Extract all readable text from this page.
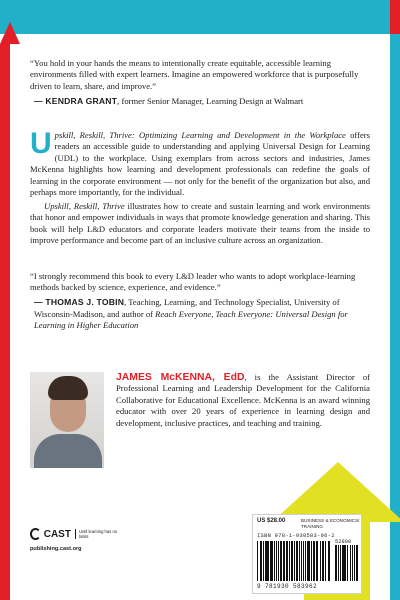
“You hold in your hands the means to intentionally create equitable, accessible learning environments filled with expert learners. Imagine an empowered workforce that is purposefully driven to learn, share, and improve.”

— KENDRA GRANT, former Senior Manager, Learning Design at Walmart

U pskill, Reskill, Thrive: Optimizing Learning and Development in the Workplace offers readers an accessible guide to understanding and applying Universal Design for Learning (UDL) to the workplace. Using exemplars from across sectors and industries, James McKenna highlights how learning and development professionals can redefine the goals of learning in the corporate environment — not only for the benefit of the organization but also, and perhaps more importantly, for the individual.

Upskill, Reskill, Thrive illustrates how to create and sustain learning and work environments that honor and empower individuals in ways that promote knowledge generation and sharing. This book will help L&D educators and corporate leaders motivate their teams from the inside to improve performance and become part of an inclusive culture across an organization.

“I strongly recommend this book to every L&D leader who wants to adopt workplace-learning methods backed by science, experience, and evidence.”

— THOMAS J. TOBIN, Teaching, Learning, and Technology Specialist, University of Wisconsin-Madison, and author of Reach Everyone, Teach Everyone: Universal Design for Learning in Higher Education

JAMES McKENNA, EdD, is the Assistant Director of Professional Learning and Leadership Development for the California Collaborative for Educational Excellence. McKenna is an award winning educator with over 20 years of experience in learning design and development, inclusive practices, and teaching and training.

CAST	Until learning has no limits
publishing.cast.org
US $28.00	BUSINESS & ECONOMICS/ TRAINING
ISBN 978-1-930583-96-2
52800
9 781930 583962
